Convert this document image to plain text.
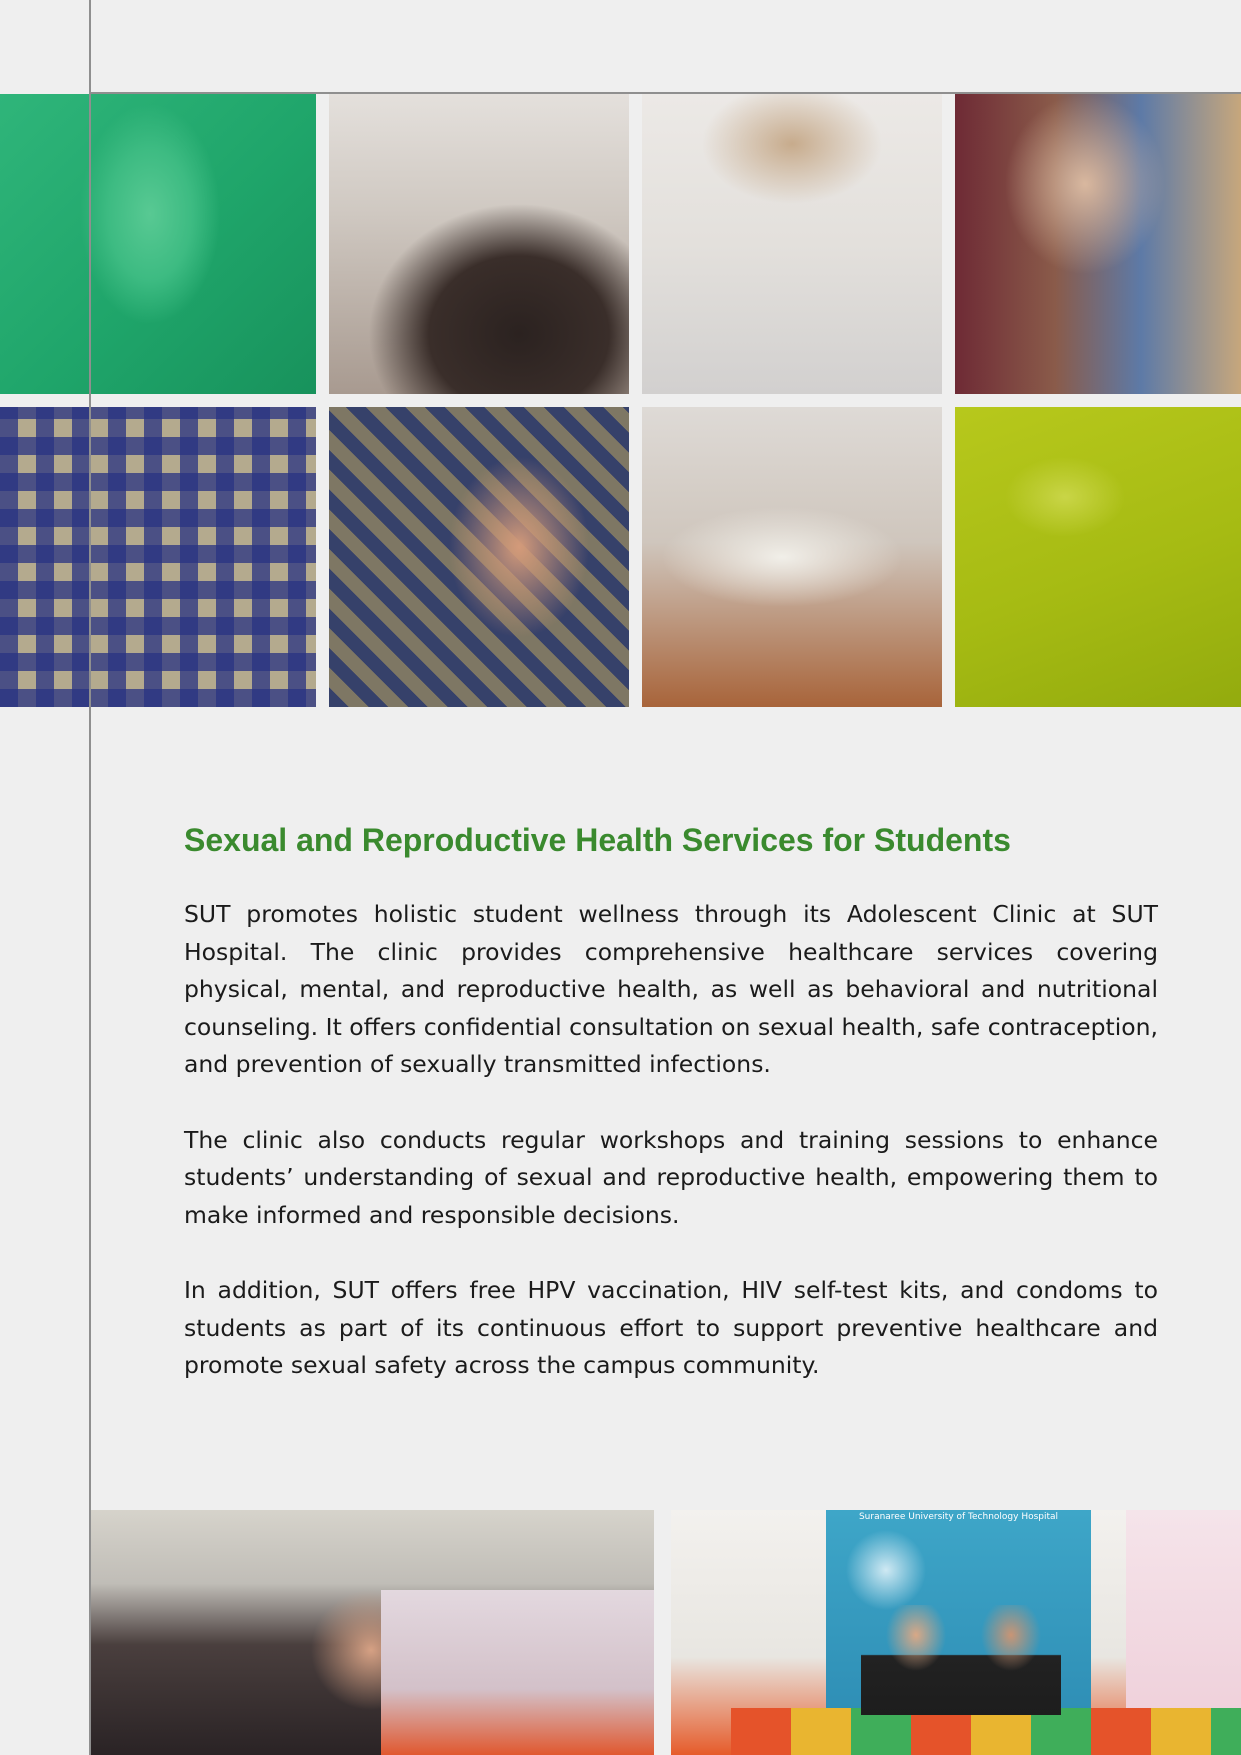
Sexual and Reproductive Health Services for Students

SUT promotes holistic student wellness through its Adolescent Clinic at SUT Hospital. The clinic provides comprehensive healthcare services covering physical, mental, and reproductive health, as well as behavioral and nutritional counseling. It offers confidential consultation on sexual health, safe contraception, and prevention of sexually transmitted infections.

The clinic also conducts regular workshops and training sessions to enhance students’ understanding of sexual and reproductive health, empowering them to make informed and responsible decisions.

In addition, SUT offers free HPV vaccination, HIV self-test kits, and condoms to students as part of its continuous effort to support preventive healthcare and promote sexual safety across the campus community.

Suranaree University of Technology Hospital
